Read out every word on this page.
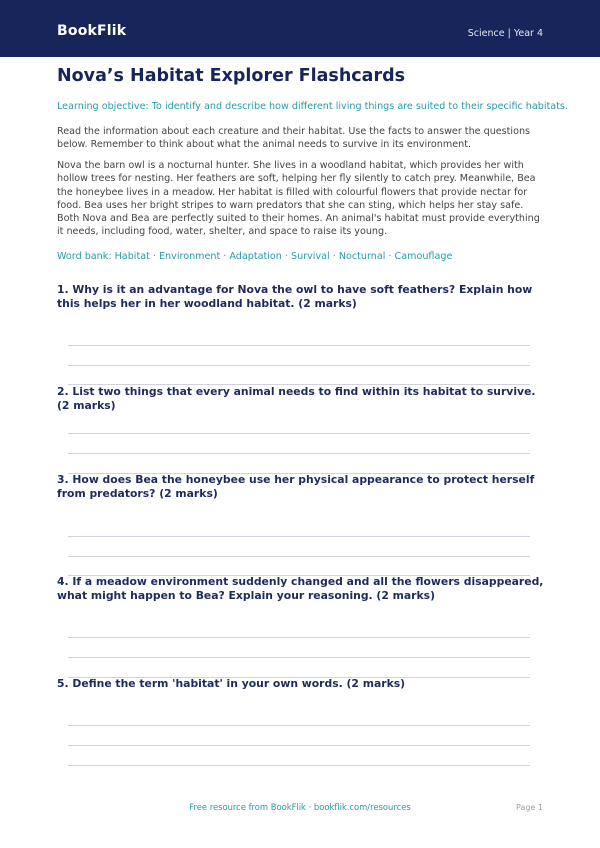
BookFlik	Science | Year 4
Nova’s Habitat Explorer Flashcards
Learning objective: To identify and describe how different living things are suited to their specific habitats.
Read the information about each creature and their habitat. Use the facts to answer the questions below. Remember to think about what the animal needs to survive in its environment.
Nova the barn owl is a nocturnal hunter. She lives in a woodland habitat, which provides her with hollow trees for nesting. Her feathers are soft, helping her fly silently to catch prey. Meanwhile, Bea the honeybee lives in a meadow. Her habitat is filled with colourful flowers that provide nectar for food. Bea uses her bright stripes to warn predators that she can sting, which helps her stay safe. Both Nova and Bea are perfectly suited to their homes. An animal's habitat must provide everything it needs, including food, water, shelter, and space to raise its young.
Word bank: Habitat · Environment · Adaptation · Survival · Nocturnal · Camouflage
1. Why is it an advantage for Nova the owl to have soft feathers? Explain how this helps her in her woodland habitat. (2 marks)
2. List two things that every animal needs to find within its habitat to survive. (2 marks)
3. How does Bea the honeybee use her physical appearance to protect herself from predators? (2 marks)
4. If a meadow environment suddenly changed and all the flowers disappeared, what might happen to Bea? Explain your reasoning. (2 marks)
5. Define the term 'habitat' in your own words. (2 marks)
Free resource from BookFlik · bookflik.com/resources	Page 1
